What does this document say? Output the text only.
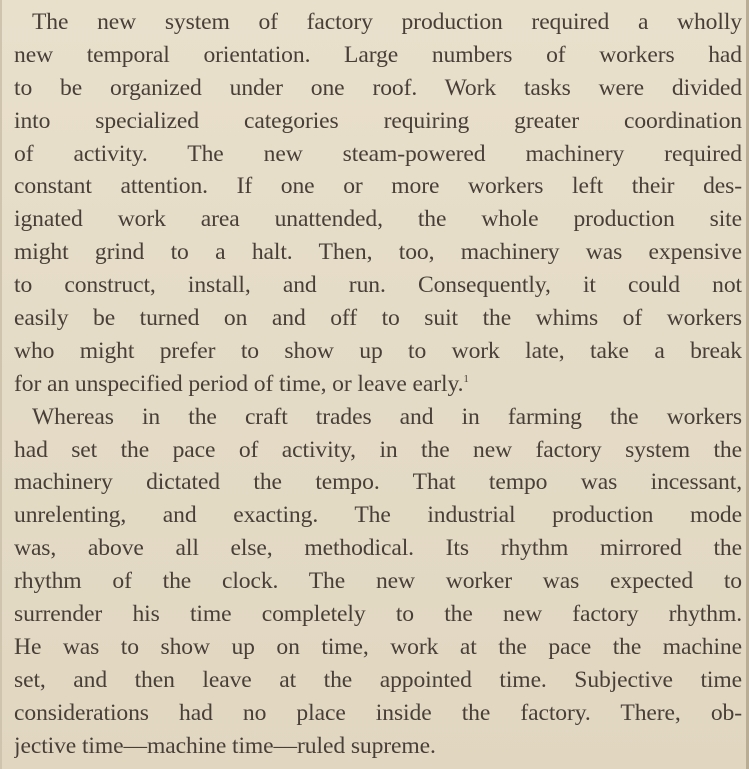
The new system of factory production required a wholly
new temporal orientation. Large numbers of workers had
to be organized under one roof. Work tasks were divided
into specialized categories requiring greater coordination
of activity. The new steam-powered machinery required
constant attention. If one or more workers left their des-
ignated work area unattended, the whole production site
might grind to a halt. Then, too, machinery was expensive
to construct, install, and run. Consequently, it could not
easily be turned on and off to suit the whims of workers
who might prefer to show up to work late, take a break
for an unspecified period of time, or leave early.$^1$
Whereas in the craft trades and in farming the workers
had set the pace of activity, in the new factory system the
machinery dictated the tempo. That tempo was incessant,
unrelenting, and exacting. The industrial production mode
was, above all else, methodical. Its rhythm mirrored the
rhythm of the clock. The new worker was expected to
surrender his time completely to the new factory rhythm.
He was to show up on time, work at the pace the machine
set, and then leave at the appointed time. Subjective time
considerations had no place inside the factory. There, ob-
jective time—machine time—ruled supreme.
